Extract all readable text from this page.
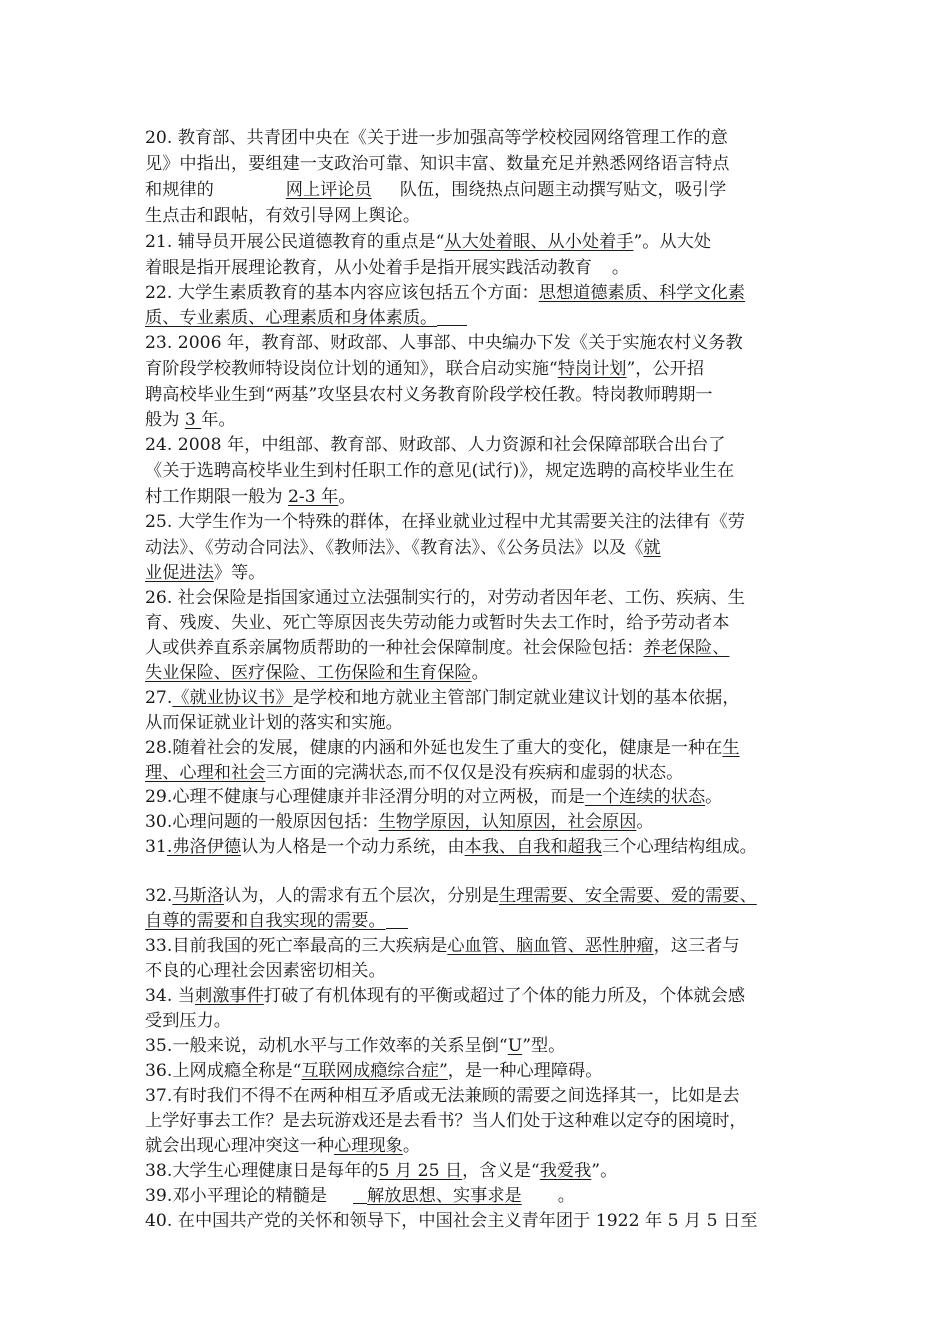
20. 教育部、共青团中央在《关于进一步加强高等学校校园网络管理工作的意
见》中指出，要组建一支政治可靠、知识丰富、数量充足并熟悉网络语言特点
和规律的	网上评论员 队伍，围绕热点问题主动撰写贴文，吸引学
生点击和跟帖，有效引导网上舆论。
21. 辅导员开展公民道德教育的重点是“从大处着眼、从小处着手”。从大处
着眼是指开展理论教育，从小处着手是指开展实践活动教育 。
22. 大学生素质教育的基本内容应该包括五个方面：思想道德素质、科学文化素
质、专业素质、心理素质和身体素质。
23. 2006 年，教育部、财政部、人事部、中央编办下发《关于实施农村义务教
育阶段学校教师特设岗位计划的通知》，联合启动实施“特岗计划”，公开招
聘高校毕业生到“两基”攻坚县农村义务教育阶段学校任教。特岗教师聘期一
般为 3 年。
24. 2008 年，中组部、教育部、财政部、人力资源和社会保障部联合出台了
《关于选聘高校毕业生到村任职工作的意见(试行)》，规定选聘的高校毕业生在
村工作期限一般为 2-3 年。
25. 大学生作为一个特殊的群体，在择业就业过程中尤其需要关注的法律有《劳
动法》、《劳动合同法》、《教师法》、《教育法》、《公务员法》以及《就
业促进法》等。
26. 社会保险是指国家通过立法强制实行的，对劳动者因年老、工伤、疾病、生
育、残废、失业、死亡等原因丧失劳动能力或暂时失去工作时，给予劳动者本
人或供养直系亲属物质帮助的一种社会保障制度。社会保险包括：养老保险、
失业保险、医疗保险、工伤保险和生育保险。
27.《就业协议书》是学校和地方就业主管部门制定就业建议计划的基本依据，
从而保证就业计划的落实和实施。
28.随着社会的发展，健康的内涵和外延也发生了重大的变化，健康是一种在生
理、心理和社会三方面的完满状态,而不仅仅是没有疾病和虚弱的状态。
29.心理不健康与心理健康并非泾渭分明的对立两极，而是一个连续的状态。
30.心理问题的一般原因包括：生物学原因，认知原因，社会原因。
31.弗洛伊德认为人格是一个动力系统，由本我、自我和超我三个心理结构组成。
32.马斯洛认为，人的需求有五个层次，分别是生理需要、安全需要、爱的需要、
自尊的需要和自我实现的需要。
33.目前我国的死亡率最高的三大疾病是心血管、脑血管、恶性肿瘤，这三者与
不良的心理社会因素密切相关。
34. 当刺激事件打破了有机体现有的平衡或超过了个体的能力所及，个体就会感
受到压力。
35.一般来说，动机水平与工作效率的关系呈倒“U”型。
36.上网成瘾全称是“互联网成瘾综合症”，是一种心理障碍。
37.有时我们不得不在两种相互矛盾或无法兼顾的需要之间选择其一，比如是去
上学好事去工作？是去玩游戏还是去看书？当人们处于这种难以定夺的困境时，
就会出现心理冲突这一种心理现象。
38.大学生心理健康日是每年的5 月 25 日，含义是“我爱我”。
39.邓小平理论的精髓是 解放思想、实事求是 。
40. 在中国共产党的关怀和领导下，中国社会主义青年团于 1922 年 5 月 5 日至
